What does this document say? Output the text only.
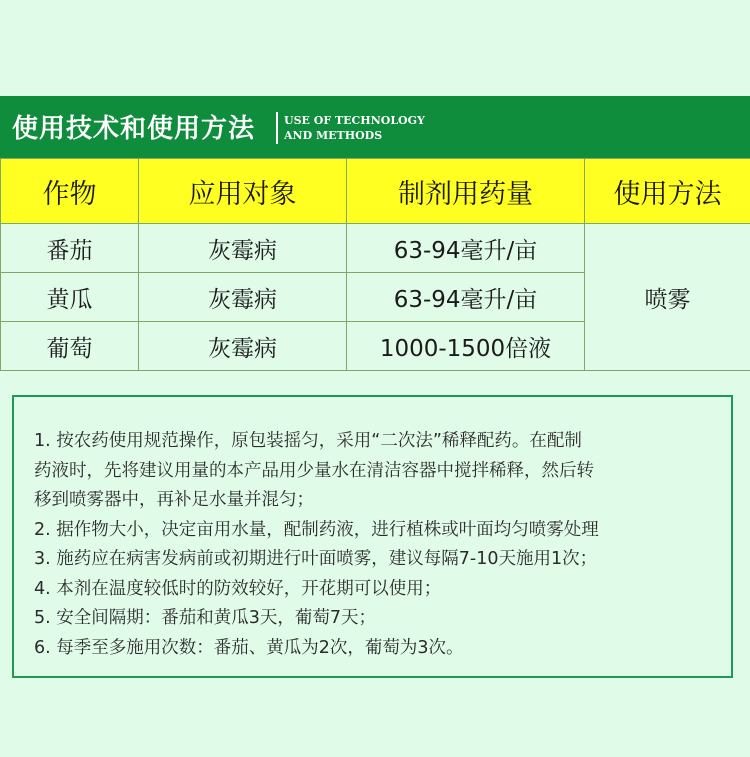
使用技术和使用方法	USE OF TECHNOLOGY
AND METHODS
作物	应用对象	制剂用药量	使用方法
番茄	灰霉病	63-94毫升/亩	喷雾
黄瓜	灰霉病	63-94毫升/亩	
葡萄	灰霉病	1000-1500倍液	
1. 按农药使用规范操作，原包装摇匀，采用“二次法”稀释配药。在配制
药液时，先将建议用量的本产品用少量水在清洁容器中搅拌稀释，然后转
移到喷雾器中，再补足水量并混匀；
2. 据作物大小，决定亩用水量，配制药液，进行植株或叶面均匀喷雾处理
3. 施药应在病害发病前或初期进行叶面喷雾，建议每隔7-10天施用1次；
4. 本剂在温度较低时的防效较好，开花期可以使用；
5. 安全间隔期：番茄和黄瓜3天，葡萄7天；
6. 每季至多施用次数：番茄、黄瓜为2次，葡萄为3次。
